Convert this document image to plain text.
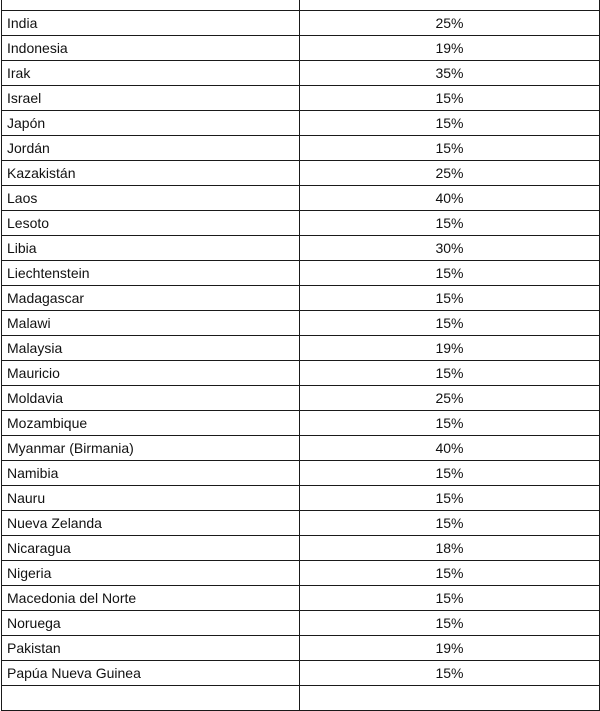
India	25%
Indonesia	19%
Irak	35%
Israel	15%
Japón	15%
Jordán	15%
Kazakistán	25%
Laos	40%
Lesoto	15%
Libia	30%
Liechtenstein	15%
Madagascar	15%
Malawi	15%
Malaysia	19%
Mauricio	15%
Moldavia	25%
Mozambique	15%
Myanmar (Birmania)	40%
Namibia	15%
Nauru	15%
Nueva Zelanda	15%
Nicaragua	18%
Nigeria	15%
Macedonia del Norte	15%
Noruega	15%
Pakistan	19%
Papúa Nueva Guinea	15%
